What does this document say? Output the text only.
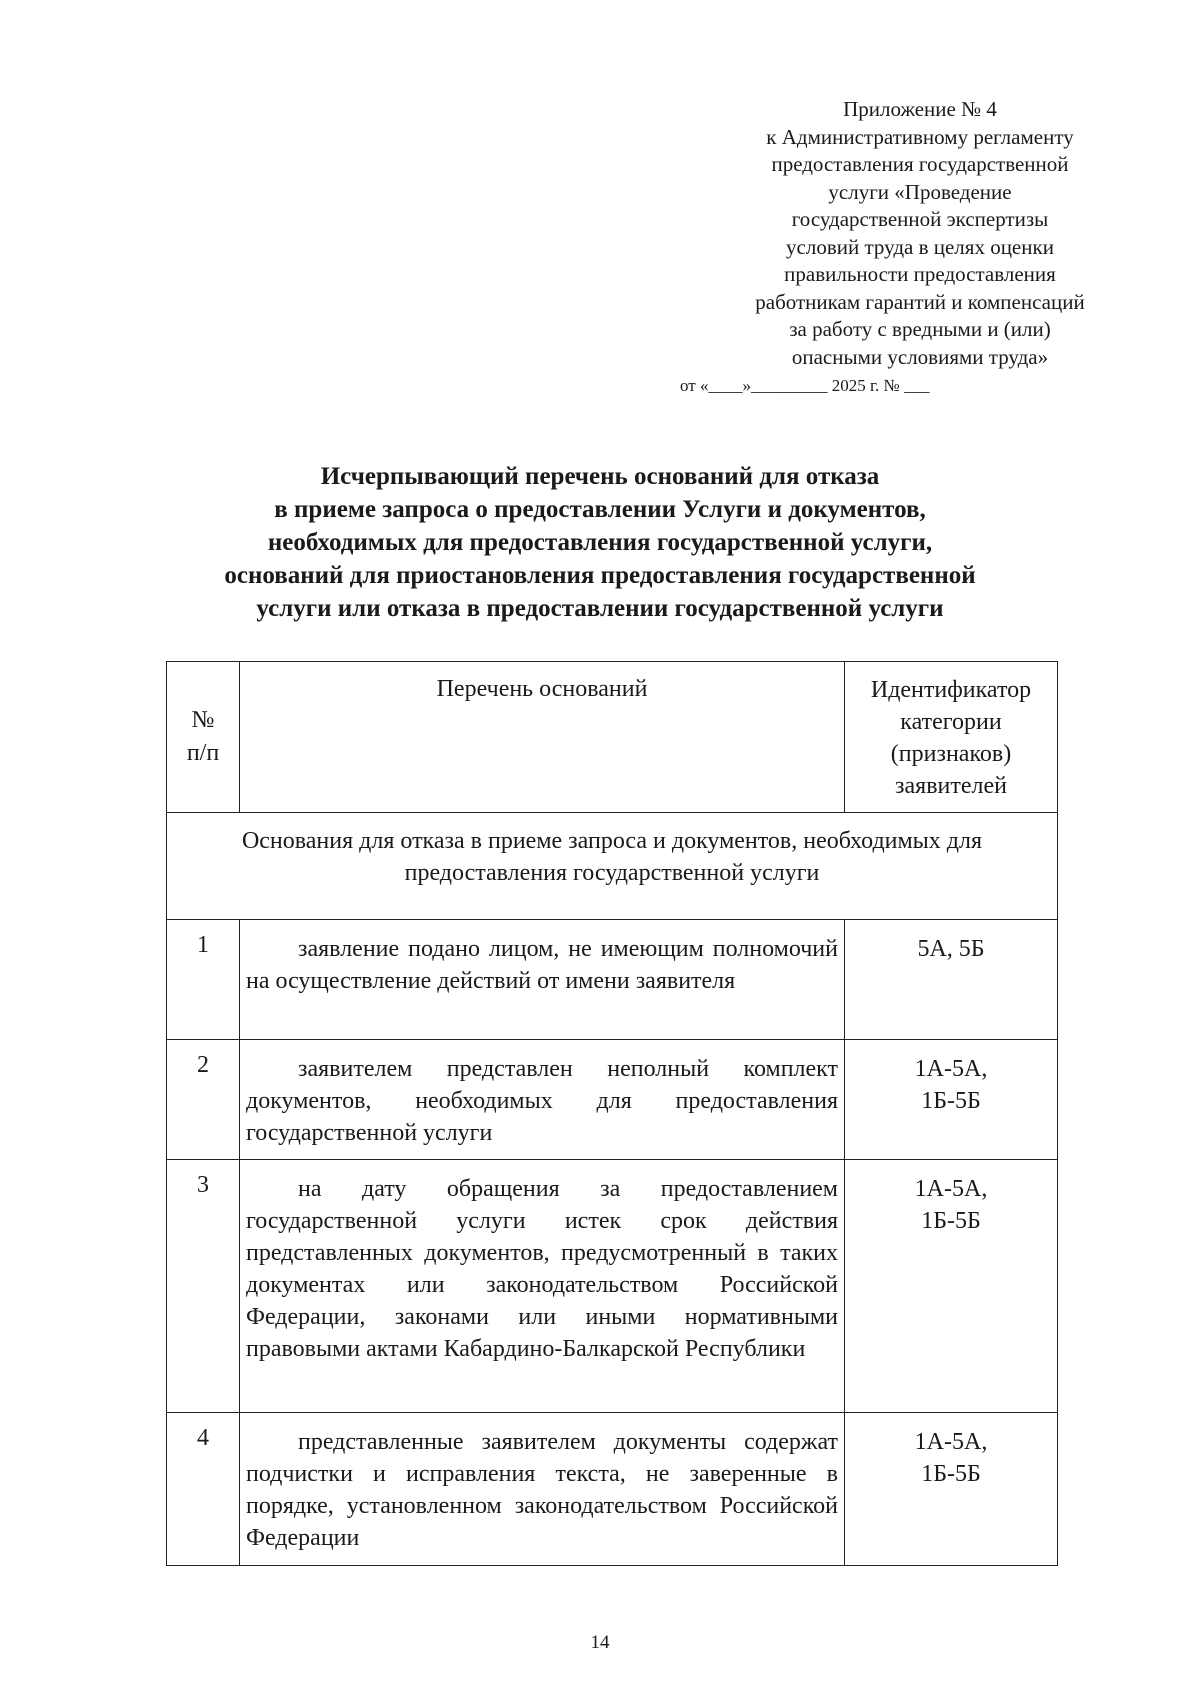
Приложение № 4
к Административному регламенту
предоставления государственной
услуги «Проведение
государственной экспертизы
условий труда в целях оценки
правильности предоставления
работникам гарантий и компенсаций
за работу с вредными и (или)
опасными условиями труда»
от «____»_________ 2025 г. № ___
Исчерпывающий перечень оснований для отказа
в приеме запроса о предоставлении Услуги и документов,
необходимых для предоставления государственной услуги,
оснований для приостановления предоставления государственной
услуги или отказа в предоставлении государственной услуги
№ п/п	Перечень оснований	Идентификатор категории (признаков) заявителей

Основания для отказа в приеме запроса и документов, необходимых для предоставления государственной услуги		
1	заявление подано лицом, не имеющим полномочий на осуществление действий от имени заявителя	5А, 5Б
2	заявителем представлен неполный комплект документов, необходимых для предоставления государственной услуги	1А-5А, 1Б-5Б

3	на дату обращения за предоставлением государственной услуги истек срок действия представленных документов, предусмотренный в таких документах или законодательством Российской Федерации, законами или иными нормативными правовыми актами Кабардино-Балкарской Республики	1А-5А, 1Б-5Б

4	представленные заявителем документы содержат подчистки и исправления текста, не заверенные в порядке, установленном законодательством Российской Федерации	1А-5А, 1Б-5Б
14
